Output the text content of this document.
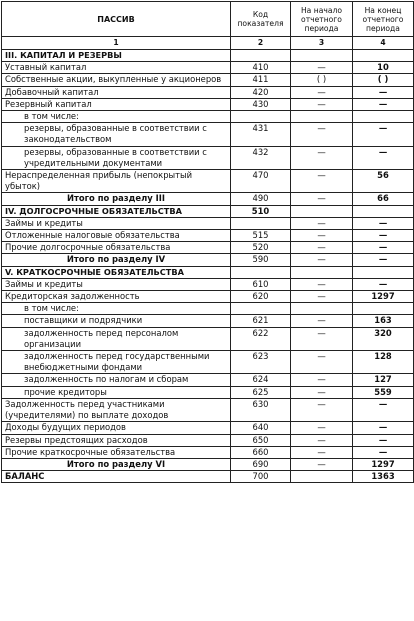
ПАССИВ	Код показателя	На начало отчетного периода	На конец отчетного периода
1	2	3	4
III. КАПИТАЛ И РЕЗЕРВЫ			
Уставный капитал	410	—	10
Собственные акции, выкупленные у акционеров	411	( )	( )
Добавочный капитал	420	—	—
Резервный капитал	430	—	—
в том числе:			
резервы, образованные в соответствии с законодательством	431	—	—
резервы, образованные в соответствии с учредительными документами	432	—	—
Нераспределенная прибыль (непокрытый убыток)	470	—	56
Итого по разделу III	490	—	66
IV. ДОЛГОСРОЧНЫЕ ОБЯЗАТЕЛЬСТВА	510		
Займы и кредиты		—	—
Отложенные налоговые обязательства	515	—	—
Прочие долгосрочные обязательства	520	—	—
Итого по разделу IV	590	—	—
V. КРАТКОСРОЧНЫЕ ОБЯЗАТЕЛЬСТВА			
Займы и кредиты	610	—	—
Кредиторская задолженность	620	—	1297
в том числе:			
поставщики и подрядчики	621	—	163
задолженность перед персоналом организации	622	—	320
задолженность перед государственными внебюджетными фондами	623	—	128
задолженность по налогам и сборам	624	—	127
прочие кредиторы	625	—	559
Задолженность перед участниками (учредителями) по выплате доходов	630	—	—
Доходы будущих периодов	640	—	—
Резервы предстоящих расходов	650	—	—
Прочие краткосрочные обязательства	660	—	—
Итого по разделу VI	690	—	1297
БАЛАНС	700		1363
